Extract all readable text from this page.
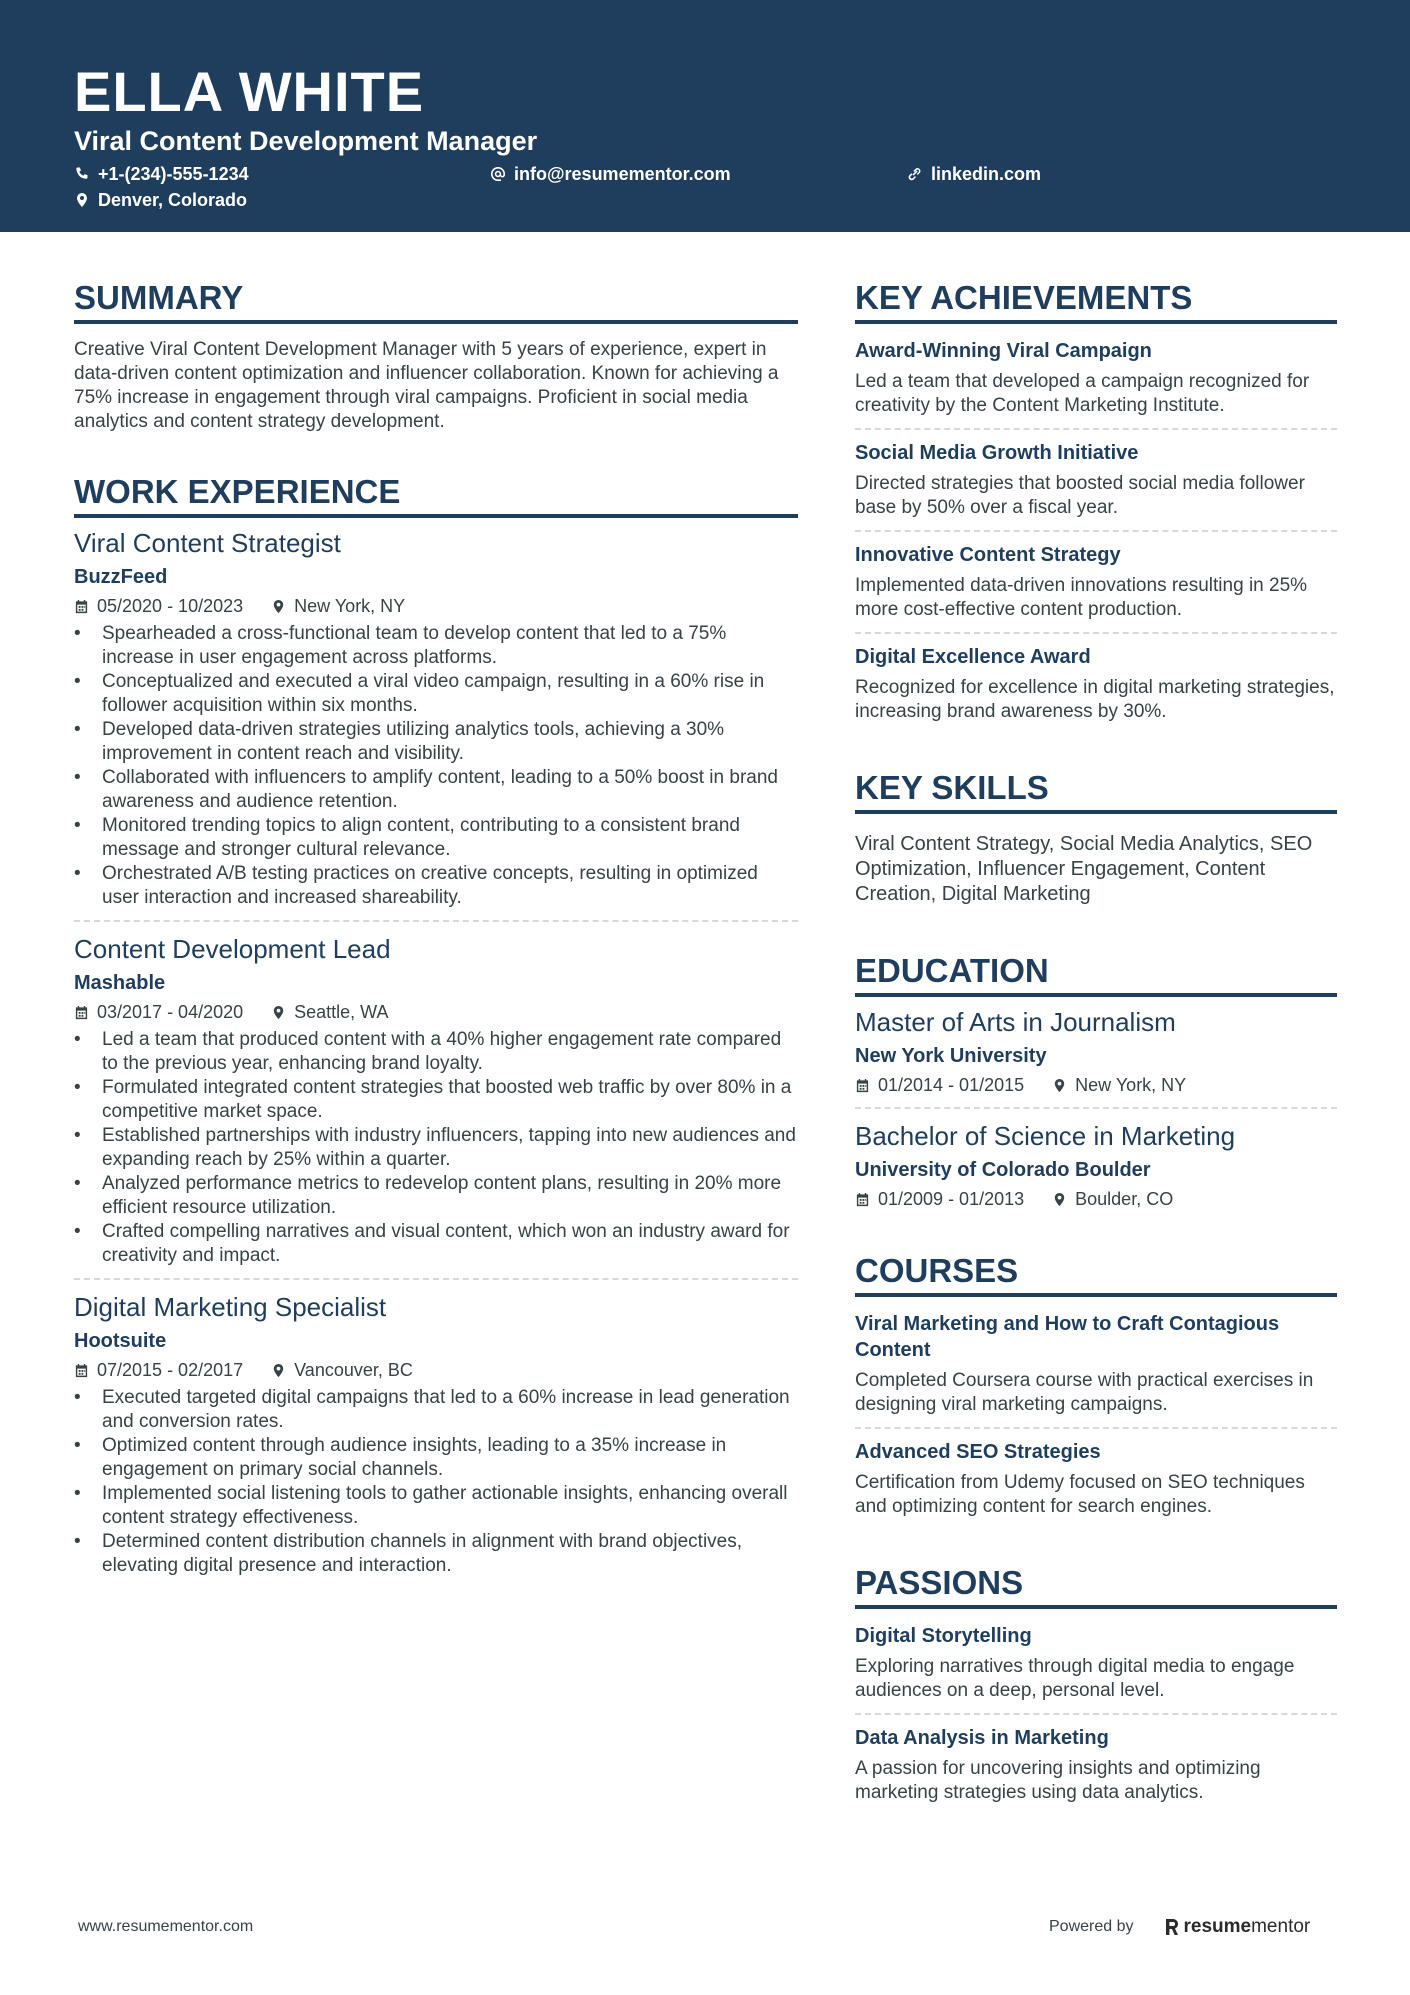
ELLA WHITE
Viral Content Development Manager
+1-(234)-555-1234	info@resumementor.com	linkedin.com
Denver, Colorado
SUMMARY
Creative Viral Content Development Manager with 5 years of experience, expert in data-driven content optimization and influencer collaboration. Known for achieving a 75% increase in engagement through viral campaigns. Proficient in social media analytics and content strategy development.
WORK EXPERIENCE
Viral Content Strategist
BuzzFeed
05/2020 - 10/2023	New York, NY
• Spearheaded a cross-functional team to develop content that led to a 75% increase in user engagement across platforms.
• Conceptualized and executed a viral video campaign, resulting in a 60% rise in follower acquisition within six months.
• Developed data-driven strategies utilizing analytics tools, achieving a 30% improvement in content reach and visibility.
• Collaborated with influencers to amplify content, leading to a 50% boost in brand awareness and audience retention.
• Monitored trending topics to align content, contributing to a consistent brand message and stronger cultural relevance.
• Orchestrated A/B testing practices on creative concepts, resulting in optimized user interaction and increased shareability.
Content Development Lead
Mashable
03/2017 - 04/2020	Seattle, WA
• Led a team that produced content with a 40% higher engagement rate compared to the previous year, enhancing brand loyalty.
• Formulated integrated content strategies that boosted web traffic by over 80% in a competitive market space.
• Established partnerships with industry influencers, tapping into new audiences and expanding reach by 25% within a quarter.
• Analyzed performance metrics to redevelop content plans, resulting in 20% more efficient resource utilization.
• Crafted compelling narratives and visual content, which won an industry award for creativity and impact.
Digital Marketing Specialist
Hootsuite
07/2015 - 02/2017	Vancouver, BC
• Executed targeted digital campaigns that led to a 60% increase in lead generation and conversion rates.
• Optimized content through audience insights, leading to a 35% increase in engagement on primary social channels.
• Implemented social listening tools to gather actionable insights, enhancing overall content strategy effectiveness.
• Determined content distribution channels in alignment with brand objectives, elevating digital presence and interaction.
KEY ACHIEVEMENTS
Award-Winning Viral Campaign
Led a team that developed a campaign recognized for creativity by the Content Marketing Institute.
Social Media Growth Initiative
Directed strategies that boosted social media follower base by 50% over a fiscal year.
Innovative Content Strategy
Implemented data-driven innovations resulting in 25% more cost-effective content production.
Digital Excellence Award
Recognized for excellence in digital marketing strategies, increasing brand awareness by 30%.
KEY SKILLS
Viral Content Strategy, Social Media Analytics, SEO Optimization, Influencer Engagement, Content Creation, Digital Marketing
EDUCATION
Master of Arts in Journalism
New York University
01/2014 - 01/2015	New York, NY
Bachelor of Science in Marketing
University of Colorado Boulder
01/2009 - 01/2013	Boulder, CO
COURSES
Viral Marketing and How to Craft Contagious Content
Completed Coursera course with practical exercises in designing viral marketing campaigns.
Advanced SEO Strategies
Certification from Udemy focused on SEO techniques and optimizing content for search engines.
PASSIONS
Digital Storytelling
Exploring narratives through digital media to engage audiences on a deep, personal level.
Data Analysis in Marketing
A passion for uncovering insights and optimizing marketing strategies using data analytics.
www.resumementor.com	Powered by	resume mentor
